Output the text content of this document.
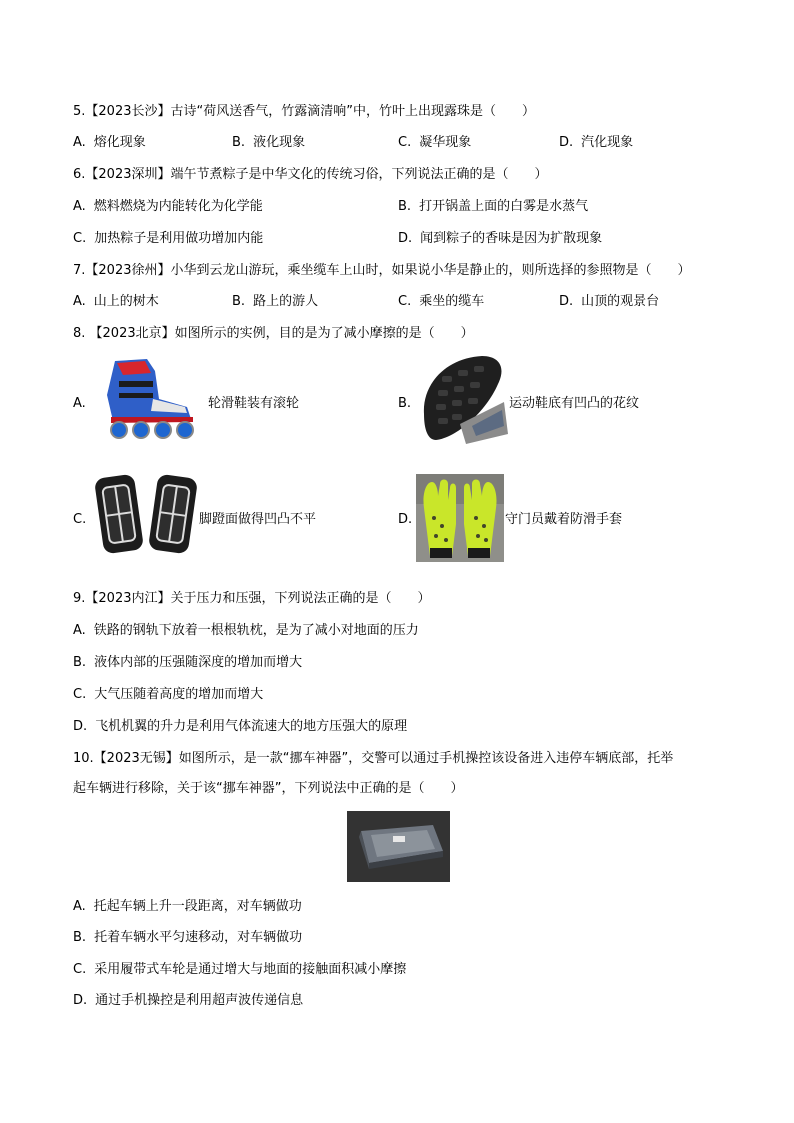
5.【2023长沙】古诗“荷风送香气，竹露滴清响”中，竹叶上出现露珠是（　　）
A. 熔化现象	B. 液化现象	C. 凝华现象	D. 汽化现象
6.【2023深圳】端午节煮粽子是中华文化的传统习俗，下列说法正确的是（　　）
A. 燃料燃烧为内能转化为化学能	B. 打开锅盖上面的白雾是水蒸气
C. 加热粽子是利用做功增加内能	D. 闻到粽子的香味是因为扩散现象
7.【2023徐州】小华到云龙山游玩，乘坐缆车上山时，如果说小华是静止的，则所选择的参照物是（　　）
A. 山上的树木	B. 路上的游人	C. 乘坐的缆车	D. 山顶的观景台
8. 【2023北京】如图所示的实例，目的是为了减小摩擦的是（　　）
A.	轮滑鞋装有滚轮	B.	运动鞋底有凹凸的花纹
C.	脚蹬面做得凹凸不平	D.	守门员戴着防滑手套
9.【2023内江】关于压力和压强，下列说法正确的是（　　）
A. 铁路的钢轨下放着一根根轨枕，是为了减小对地面的压力
B. 液体内部的压强随深度的增加而增大
C. 大气压随着高度的增加而增大
D. 飞机机翼的升力是利用气体流速大的地方压强大的原理
10.【2023无锡】如图所示，是一款“挪车神器”，交警可以通过手机操控该设备进入违停车辆底部，托举
起车辆进行移除，关于该“挪车神器”，下列说法中正确的是（　　）
A. 托起车辆上升一段距离，对车辆做功
B. 托着车辆水平匀速移动，对车辆做功
C. 采用履带式车轮是通过增大与地面的接触面积减小摩擦
D. 通过手机操控是利用超声波传递信息
